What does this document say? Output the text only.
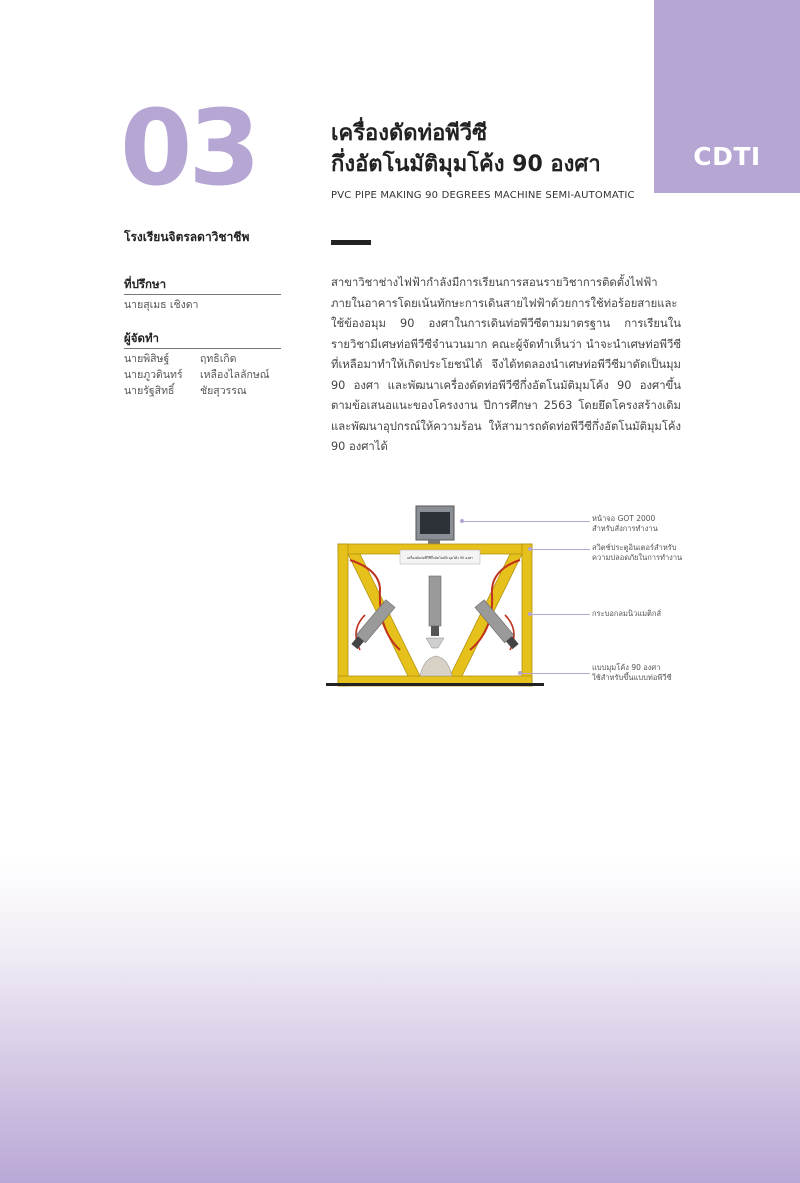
CDTI
03
โรงเรียนจิตรลดาวิชาชีพ
ที่ปรึกษา
นายสุเมธ เชิงดา
ผู้จัดทำ
นายพิสิษฐ์	ฤทธิเกิด
นายภูวดินทร์ เหลืองไลลักษณ์
นายรัฐสิทธิ์ ชัยสุวรรณ
เครื่องดัดท่อพีวีซี
กึ่งอัตโนมัติมุมโค้ง 90 องศา
PVC PIPE MAKING 90 DEGREES MACHINE SEMI-AUTOMATIC
สาขาวิชาช่างไฟฟ้ากำลังมีการเรียนการสอนรายวิชาการติดตั้งไฟฟ้าภายในอาคารโดยเน้นทักษะการเดินสายไฟฟ้าด้วยการใช้ท่อร้อยสายและใช้ข้องอมุม 90 องศาในการเดินท่อพีวีซีตามมาตรฐาน การเรียนในรายวิชามีเศษท่อพีวีซีจำนวนมาก คณะผู้จัดทำเห็นว่า นำจะนำเศษท่อพีวีซีที่เหลือมาทำให้เกิดประโยชน์ได้ จึงได้ทดลองนำเศษท่อพีวีซีมาดัดเป็นมุม 90 องศา และพัฒนาเครื่องดัดท่อพีวีซีกึ่งอัตโนมัติมุมโค้ง 90 องศาขึ้นตามข้อเสนอแนะของโครงงาน ปีการศึกษา 2563 โดยยึดโครงสร้างเดิม และพัฒนาอุปกรณ์ให้ความร้อน ให้สามารถดัดท่อพีวีซีกึ่งอัตโนมัติมุมโค้ง 90 องศาได้
เครื่องดัดท่อพีวีซีกึ่งอัตโนมัติ มุมโค้ง 90 องศา
หน้าจอ GOT 2000
สำหรับสั่งการทำงาน
สวิตช์ประตูอินเตอร์สำหรับ
ความปลอดภัยในการทำงาน
กระบอกลมนิวแมติกส์
แบบมุมโค้ง 90 องศา
ใช้สำหรับขึ้นแบบท่อพีวีซี
